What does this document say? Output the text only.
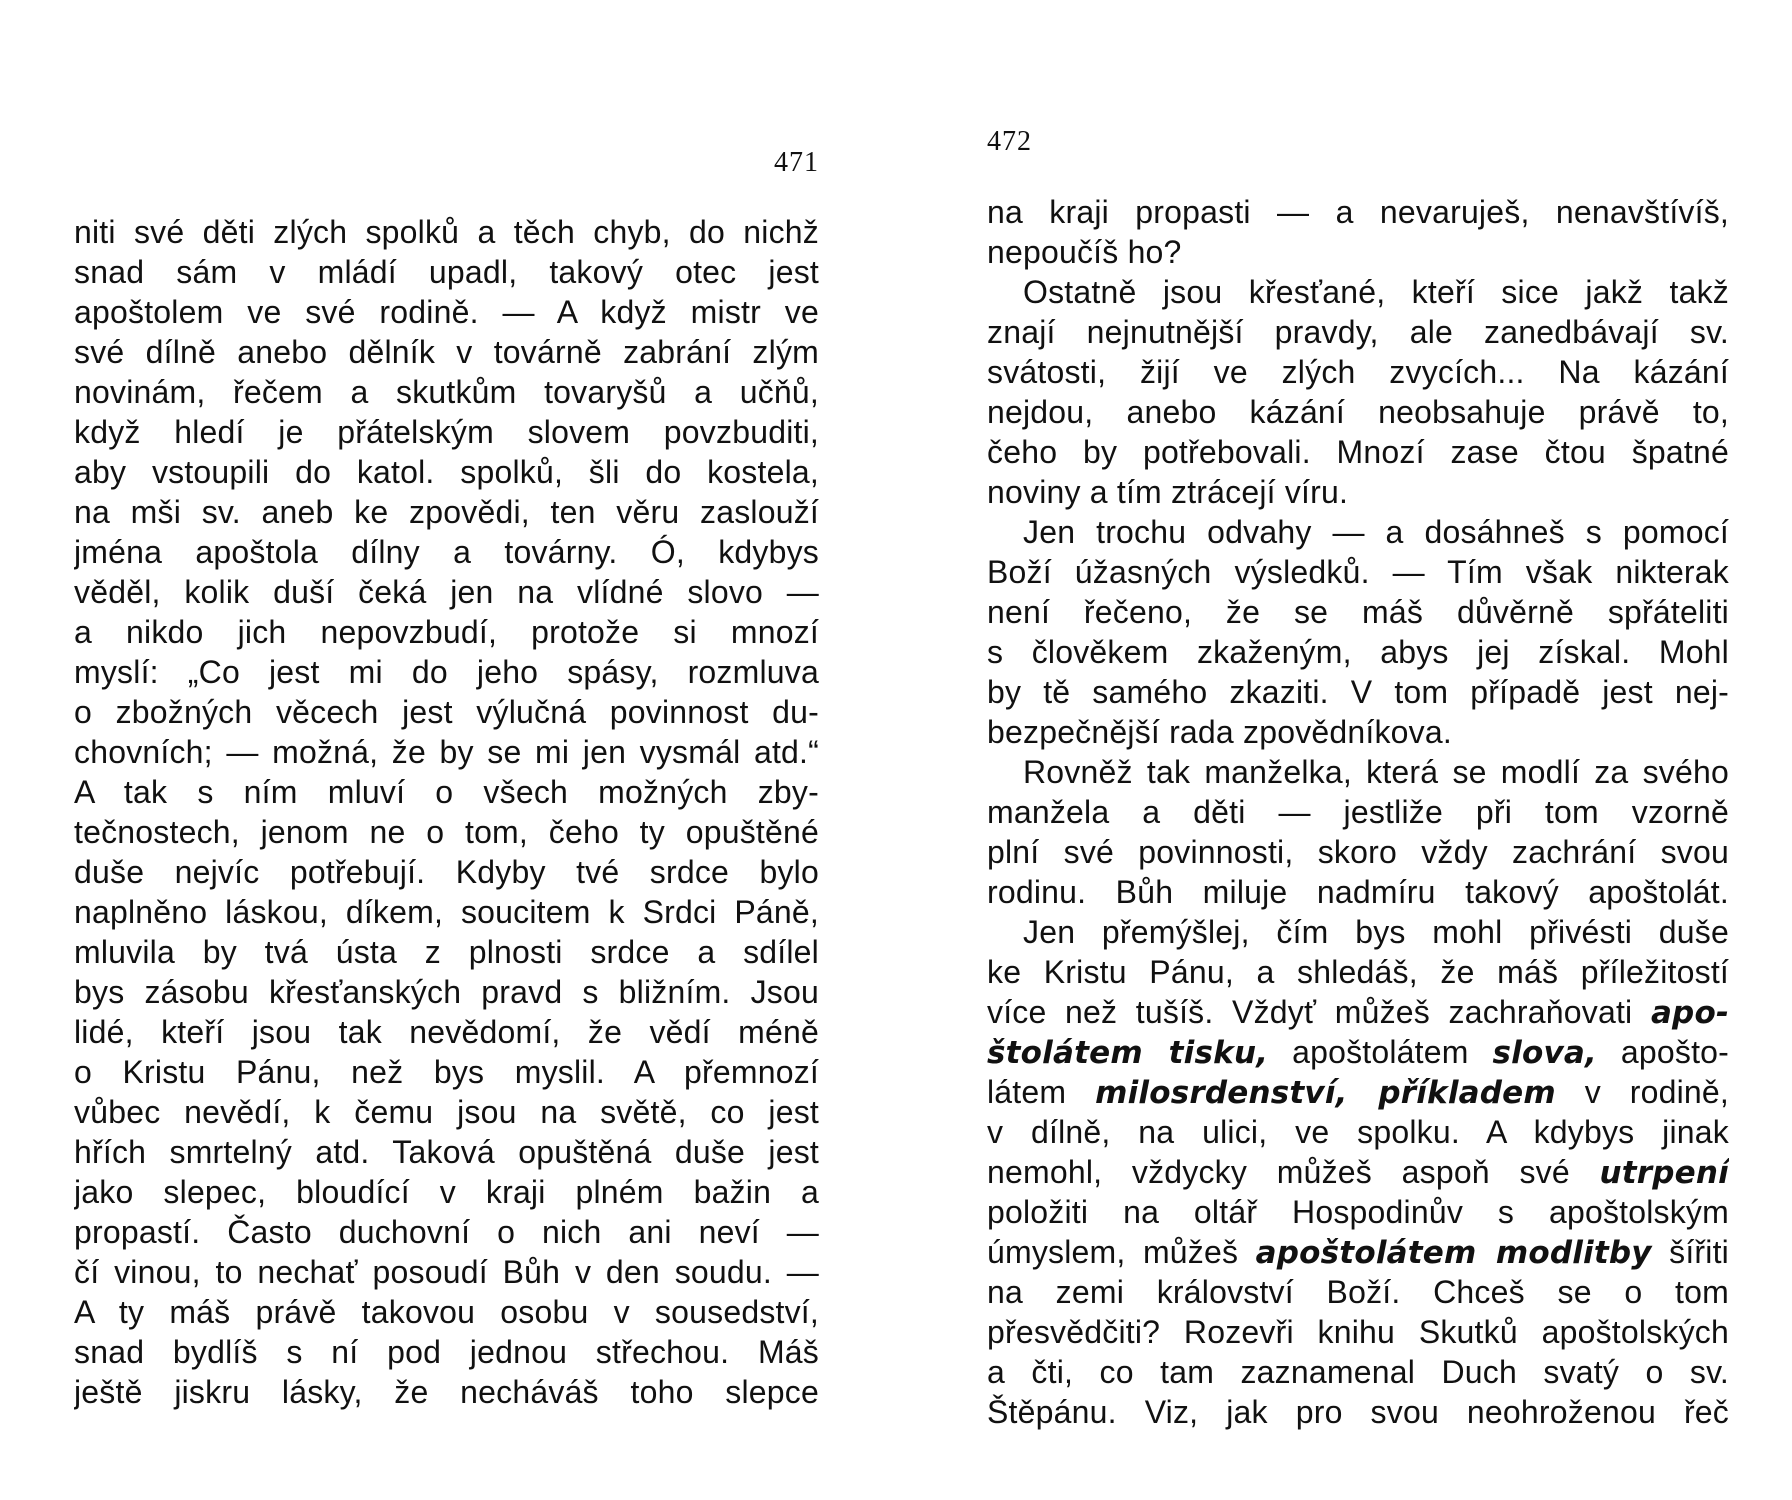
471
niti své děti zlých spolků a těch chyb, do nichž
snad sám v mládí upadl, takový otec jest
apoštolem ve své rodině. — A když mistr ve
své dílně anebo dělník v továrně zabrání zlým
novinám, řečem a skutkům tovaryšů a učňů,
když hledí je přátelským slovem povzbuditi,
aby vstoupili do katol. spolků, šli do kostela,
na mši sv. aneb ke zpovědi, ten věru zaslouží
jména apoštola dílny a továrny. Ó, kdybys
věděl, kolik duší čeká jen na vlídné slovo —
a nikdo jich nepovzbudí, protože si mnozí
myslí: „Co jest mi do jeho spásy, rozmluva
o zbožných věcech jest výlučná povinnost du-
chovních; — možná, že by se mi jen vysmál atd.“
A tak s ním mluví o všech možných zby-
tečnostech, jenom ne o tom, čeho ty opuštěné
duše nejvíc potřebují. Kdyby tvé srdce bylo
naplněno láskou, díkem, soucitem k Srdci Páně,
mluvila by tvá ústa z plnosti srdce a sdílel
bys zásobu křesťanských pravd s bližním. Jsou
lidé, kteří jsou tak nevědomí, že vědí méně
o Kristu Pánu, než bys myslil. A přemnozí
vůbec nevědí, k čemu jsou na světě, co jest
hřích smrtelný atd. Taková opuštěná duše jest
jako slepec, bloudící v kraji plném bažin a
propastí. Často duchovní o nich ani neví —
čí vinou, to nechať posoudí Bůh v den soudu. —
A ty máš právě takovou osobu v sousedství,
snad bydlíš s ní pod jednou střechou. Máš
ještě jiskru lásky, že necháváš toho slepce
472
na kraji propasti — a nevaruješ, nenavštívíš,
nepoučíš ho?
Ostatně jsou křesťané, kteří sice jakž takž
znají nejnutnější pravdy, ale zanedbávají sv.
svátosti, žijí ve zlých zvycích... Na kázání
nejdou, anebo kázání neobsahuje právě to,
čeho by potřebovali. Mnozí zase čtou špatné
noviny a tím ztrácejí víru.
Jen trochu odvahy — a dosáhneš s pomocí
Boží úžasných výsledků. — Tím však nikterak
není řečeno, že se máš důvěrně spřáteliti
s člověkem zkaženým, abys jej získal. Mohl
by tě samého zkaziti. V tom případě jest nej-
bezpečnější rada zpovědníkova.
Rovněž tak manželka, která se modlí za svého
manžela a děti — jestliže při tom vzorně
plní své povinnosti, skoro vždy zachrání svou
rodinu. Bůh miluje nadmíru takový apoštolát.
Jen přemýšlej, čím bys mohl přivésti duše
ke Kristu Pánu, a shledáš, že máš příležitostí
více než tušíš. Vždyť můžeš zachraňovati apo-
štolátem tisku, apoštolátem slova, apošto-
látem milosrdenství, příkladem v rodině,
v dílně, na ulici, ve spolku. A kdybys jinak
nemohl, vždycky můžeš aspoň své utrpení
položiti na oltář Hospodinův s apoštolským
úmyslem, můžeš apoštolátem modlitby šířiti
na zemi království Boží. Chceš se o tom
přesvědčiti? Rozevři knihu Skutků apoštolských
a čti, co tam zaznamenal Duch svatý o sv.
Štěpánu. Viz, jak pro svou neohroženou řeč
